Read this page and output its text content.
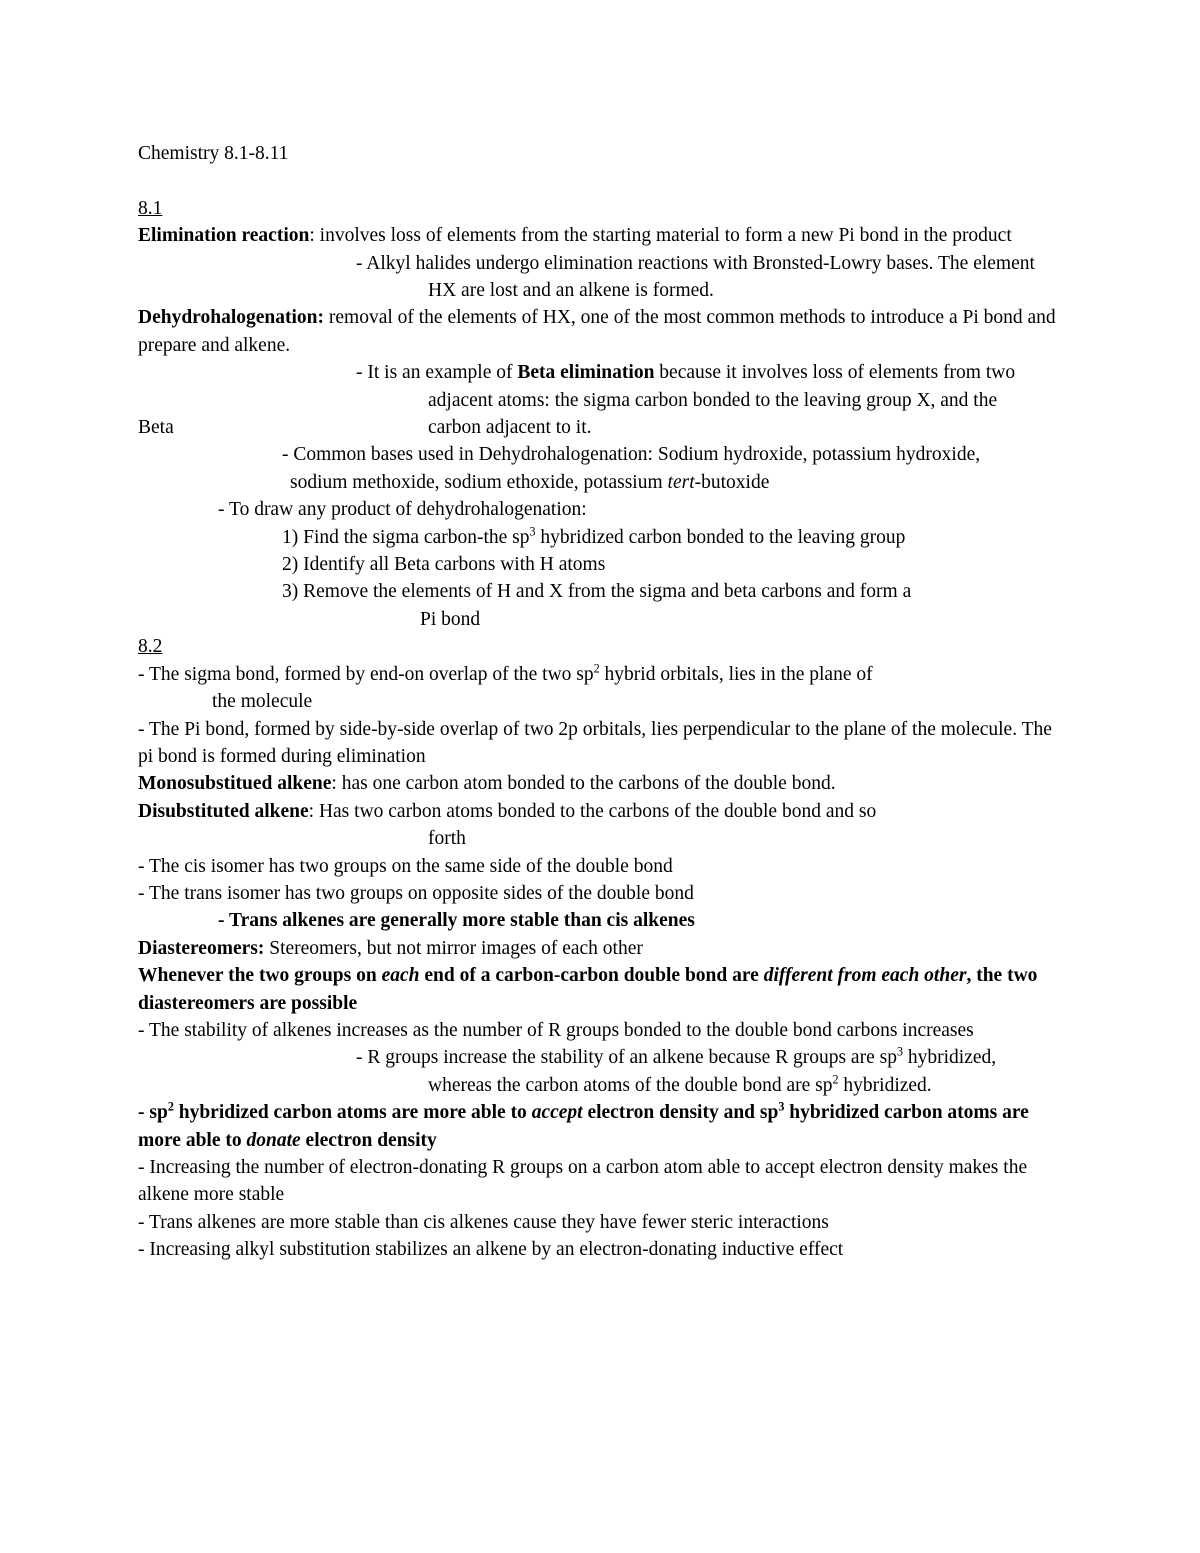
Chemistry 8.1-8.11

8.1

Elimination reaction: involves loss of elements from the starting material to form a new Pi bond in the product

- Alkyl halides undergo elimination reactions with Bronsted-Lowry bases. The element

HX are lost and an alkene is formed.

Dehydrohalogenation: removal of the elements of HX, one of the most common methods to introduce a Pi bond and prepare and alkene.

- It is an example of Beta elimination because it involves loss of elements from two

adjacent atoms: the sigma carbon bonded to the leaving group X, and the

Beta	carbon adjacent to it.

- Common bases used in Dehydrohalogenation: Sodium hydroxide, potassium hydroxide,

sodium methoxide, sodium ethoxide, potassium tert-butoxide

- To draw any product of dehydrohalogenation:

1) Find the sigma carbon-the $sp^3$ hybridized carbon bonded to the leaving group

2) Identify all Beta carbons with H atoms

3) Remove the elements of H and X from the sigma and beta carbons and form a

Pi bond

8.2

- The sigma bond, formed by end-on overlap of the two $sp^2$ hybrid orbitals, lies in the plane of

the molecule

- The Pi bond, formed by side-by-side overlap of two 2p orbitals, lies perpendicular to the plane of the molecule. The pi bond is formed during elimination

Monosubstitued alkene: has one carbon atom bonded to the carbons of the double bond.

Disubstituted alkene: Has two carbon atoms bonded to the carbons of the double bond and so

forth

- The cis isomer has two groups on the same side of the double bond

- The trans isomer has two groups on opposite sides of the double bond

- Trans alkenes are generally more stable than cis alkenes

Diastereomers: Stereomers, but not mirror images of each other

Whenever the two groups on each end of a carbon-carbon double bond are different from each other, the two diastereomers are possible

- The stability of alkenes increases as the number of R groups bonded to the double bond carbons increases

- R groups increase the stability of an alkene because R groups are $sp^3$ hybridized,

whereas the carbon atoms of the double bond are $sp^2$ hybridized.

- $sp^2$ hybridized carbon atoms are more able to accept electron density and $sp^3$ hybridized carbon atoms are more able to donate electron density

- Increasing the number of electron-donating R groups on a carbon atom able to accept electron density makes the alkene more stable

- Trans alkenes are more stable than cis alkenes cause they have fewer steric interactions

- Increasing alkyl substitution stabilizes an alkene by an electron-donating inductive effect
